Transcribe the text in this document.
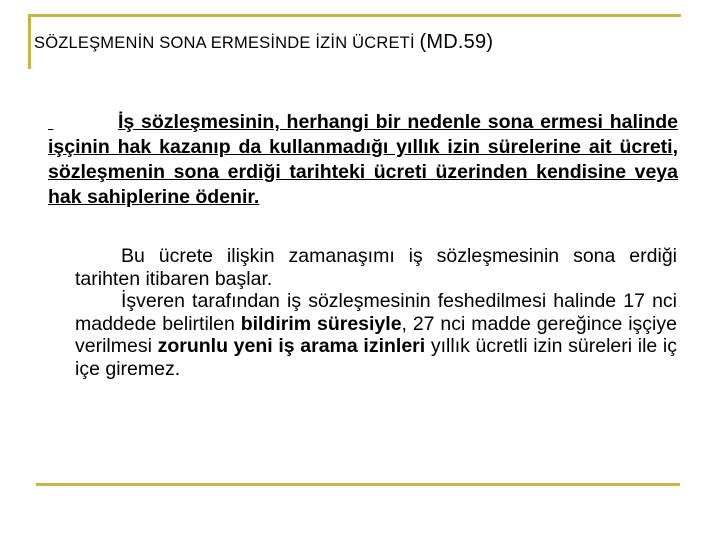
SÖZLEŞMENİN SONA ERMESİNDE İZİN ÜCRETİ (MD.59)
İş sözleşmesinin, herhangi bir nedenle sona ermesi halinde işçinin hak kazanıp da kullanmadığı yıllık izin sürelerine ait ücreti, sözleşmenin sona erdiği tarihteki ücreti üzerinden kendisine veya hak sahiplerine ödenir.

Bu ücrete ilişkin zamanaşımı iş sözleşmesinin sona erdiği tarihten itibaren başlar.

İşveren tarafından iş sözleşmesinin feshedilmesi halinde 17 nci maddede belirtilen bildirim süresiyle, 27 nci madde gereğince işçiye verilmesi zorunlu yeni iş arama izinleri yıllık ücretli izin süreleri ile iç içe giremez.
